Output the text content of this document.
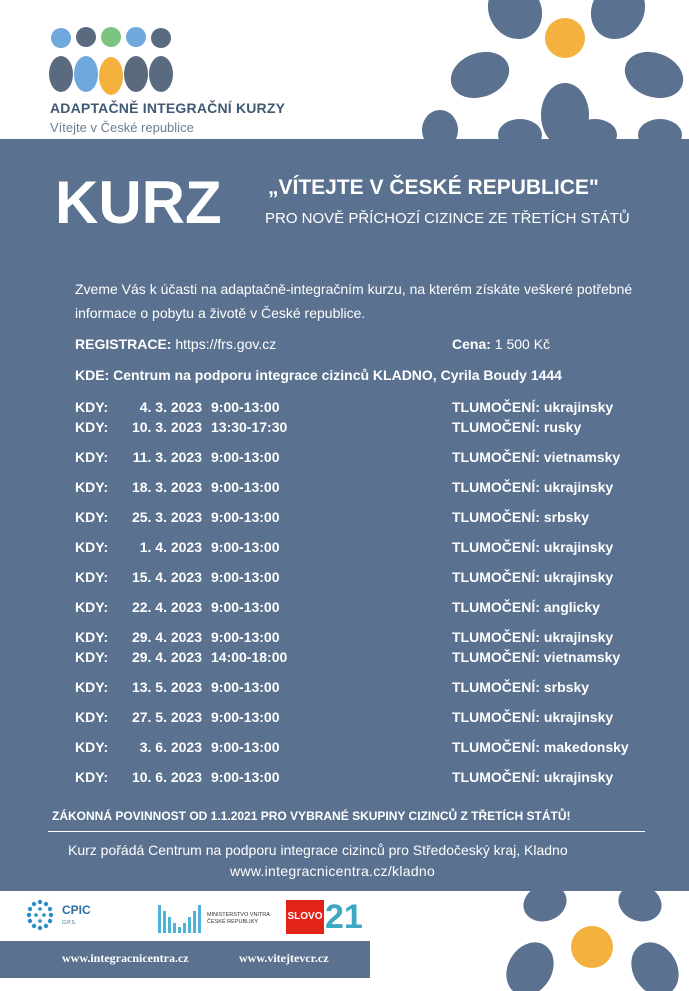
ADAPTAČNĚ INTEGRAČNÍ KURZY
Vítejte v České republice
KURZ „VÍTEJTE V ČESKÉ REPUBLICE"
PRO NOVĚ PŘÍCHOZÍ CIZINCE ZE TŘETÍCH STÁTŮ
Zveme Vás k účasti na adaptačně-integračním kurzu, na kterém získáte veškeré potřebné informace o pobytu a životě v České republice.
REGISTRACE: https://frs.gov.cz	Cena: 1 500 Kč
KDE: Centrum na podporu integrace cizinců KLADNO, Cyrila Boudy 1444
KDY:	4. 3. 2023 9:00-13:00	TLUMOČENÍ: ukrajinsky
KDY:	10. 3. 2023 13:30-17:30	TLUMOČENÍ: rusky
KDY:	11. 3. 2023 9:00-13:00	TLUMOČENÍ: vietnamsky
KDY:	18. 3. 2023 9:00-13:00	TLUMOČENÍ: ukrajinsky
KDY:	25. 3. 2023 9:00-13:00	TLUMOČENÍ: srbsky
KDY:	1. 4. 2023 9:00-13:00	TLUMOČENÍ: ukrajinsky
KDY:	15. 4. 2023 9:00-13:00	TLUMOČENÍ: ukrajinsky
KDY:	22. 4. 2023 9:00-13:00	TLUMOČENÍ: anglicky
KDY:	29. 4. 2023 9:00-13:00	TLUMOČENÍ: ukrajinsky
KDY:	29. 4. 2023 14:00-18:00	TLUMOČENÍ: vietnamsky
KDY:	13. 5. 2023 9:00-13:00	TLUMOČENÍ: srbsky
KDY:	27. 5. 2023 9:00-13:00	TLUMOČENÍ: ukrajinsky
KDY:	3. 6. 2023 9:00-13:00	TLUMOČENÍ: makedonsky
KDY:	10. 6. 2023 9:00-13:00	TLUMOČENÍ: ukrajinsky
ZÁKONNÁ POVINNOST OD 1.1.2021 PRO VYBRANÉ SKUPINY CIZINCŮ Z TŘETÍCH STÁTŮ!
Kurz pořádá Centrum na podporu integrace cizinců pro Středočeský kraj, Kladno
www.integracnicentra.cz/kladno
CPIC
O.P.S.
MINISTERSTVO VNITRA
ČESKÉ REPUBLIKY	SLOVO 21
www.integracnicentra.cz	www.vitejtevcr.cz
